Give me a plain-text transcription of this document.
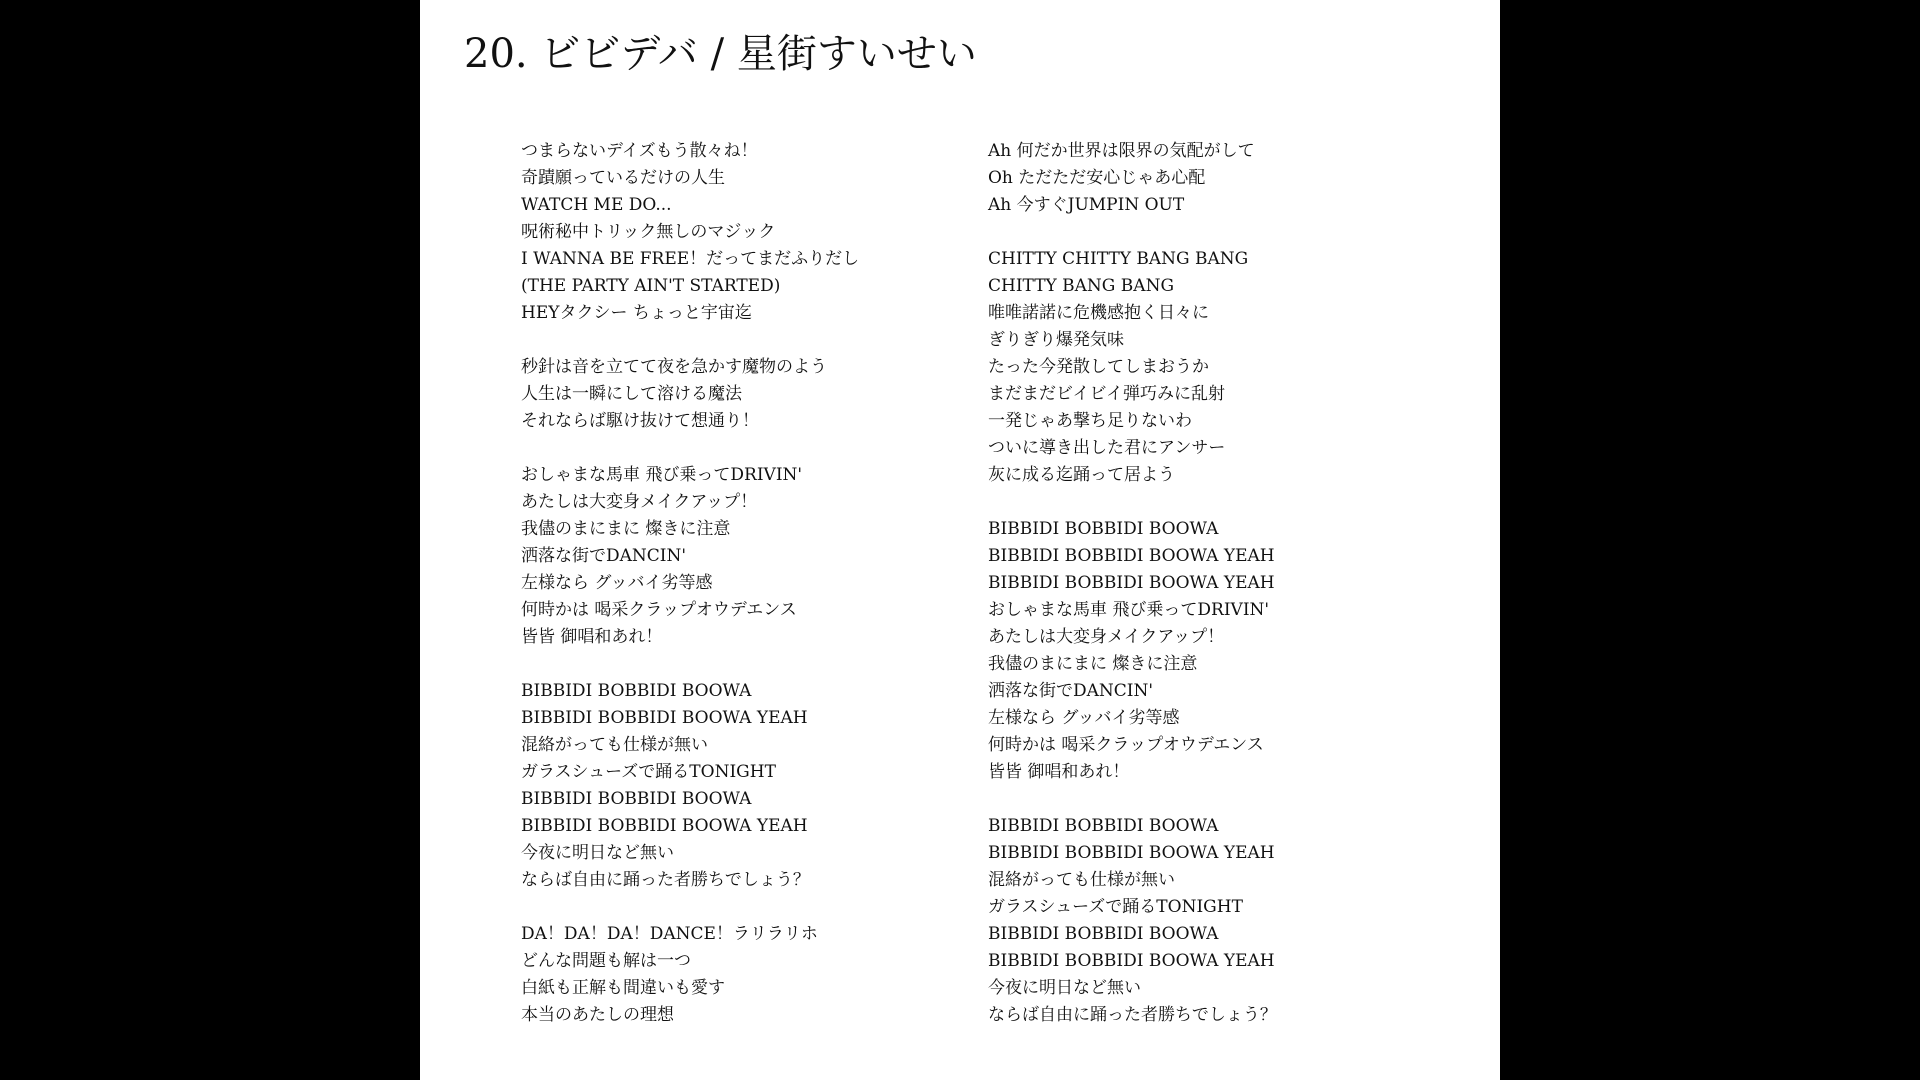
20. ビビデバ / 星街すいせい
つまらないデイズもう散々ね！
奇蹟願っているだけの人生
WATCH ME DO...
呪術秘中トリック無しのマジック
I WANNA BE FREE！だってまだふりだし
(THE PARTY AIN'T STARTED)
HEYタクシー ちょっと宇宙迄
秒針は音を立てて夜を急かす魔物のよう
人生は一瞬にして溶ける魔法
それならば駆け抜けて想通り！
おしゃまな馬車 飛び乗ってDRIVIN'
あたしは大変身メイクアップ！
我儘のまにまに 燦きに注意
洒落な街でDANCIN'
左様なら グッバイ劣等感
何時かは 喝采クラップオウデエンス
皆皆 御唱和あれ！
BIBBIDI BOBBIDI BOOWA
BIBBIDI BOBBIDI BOOWA YEAH
混絡がっても仕様が無い
ガラスシューズで踊るTONIGHT
BIBBIDI BOBBIDI BOOWA
BIBBIDI BOBBIDI BOOWA YEAH
今夜に明日など無い
ならば自由に踊った者勝ちでしょう？
DA！DA！DA！DANCE！ラリラリホ
どんな問題も解は一つ
白紙も正解も間違いも愛す
本当のあたしの理想
Ah 何だか世界は限界の気配がして
Oh ただただ安心じゃあ心配
Ah 今すぐJUMPIN OUT
CHITTY CHITTY BANG BANG
CHITTY BANG BANG
唯唯諾諾に危機感抱く日々に
ぎりぎり爆発気味
たった今発散してしまおうか
まだまだビイビイ弾巧みに乱射
一発じゃあ撃ち足りないわ
ついに導き出した君にアンサー
灰に成る迄踊って居よう
BIBBIDI BOBBIDI BOOWA
BIBBIDI BOBBIDI BOOWA YEAH
BIBBIDI BOBBIDI BOOWA YEAH
おしゃまな馬車 飛び乗ってDRIVIN'
あたしは大変身メイクアップ！
我儘のまにまに 燦きに注意
洒落な街でDANCIN'
左様なら グッバイ劣等感
何時かは 喝采クラップオウデエンス
皆皆 御唱和あれ！
BIBBIDI BOBBIDI BOOWA
BIBBIDI BOBBIDI BOOWA YEAH
混絡がっても仕様が無い
ガラスシューズで踊るTONIGHT
BIBBIDI BOBBIDI BOOWA
BIBBIDI BOBBIDI BOOWA YEAH
今夜に明日など無い
ならば自由に踊った者勝ちでしょう？
